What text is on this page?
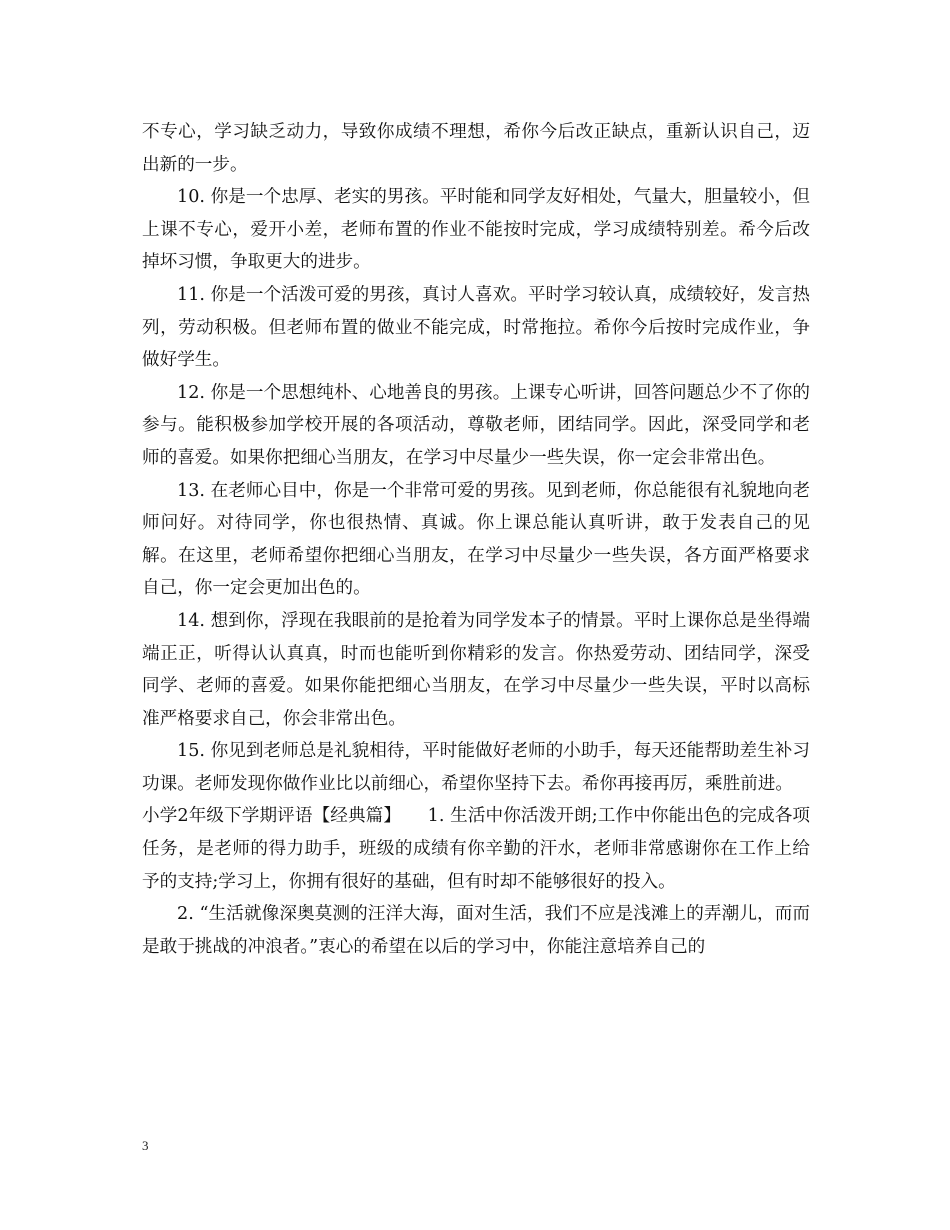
不专心，学习缺乏动力，导致你成绩不理想，希你今后改正缺点，重新认识自己，迈出新的一步。

10. 你是一个忠厚、老实的男孩。平时能和同学友好相处，气量大，胆量较小，但上课不专心，爱开小差，老师布置的作业不能按时完成，学习成绩特别差。希今后改掉坏习惯，争取更大的进步。

11. 你是一个活泼可爱的男孩，真讨人喜欢。平时学习较认真，成绩较好，发言热列，劳动积极。但老师布置的做业不能完成，时常拖拉。希你今后按时完成作业，争做好学生。

12. 你是一个思想纯朴、心地善良的男孩。上课专心听讲，回答问题总少不了你的参与。能积极参加学校开展的各项活动，尊敬老师，团结同学。因此，深受同学和老师的喜爱。如果你把细心当朋友，在学习中尽量少一些失误，你一定会非常出色。

13. 在老师心目中，你是一个非常可爱的男孩。见到老师，你总能很有礼貌地向老师问好。对待同学，你也很热情、真诚。你上课总能认真听讲，敢于发表自己的见解。在这里，老师希望你把细心当朋友，在学习中尽量少一些失误，各方面严格要求自己，你一定会更加出色的。

14. 想到你，浮现在我眼前的是抢着为同学发本子的情景。平时上课你总是坐得端端正正，听得认认真真，时而也能听到你精彩的发言。你热爱劳动、团结同学，深受同学、老师的喜爱。如果你能把细心当朋友，在学习中尽量少一些失误，平时以高标准严格要求自己，你会非常出色。

15. 你见到老师总是礼貌相待，平时能做好老师的小助手，每天还能帮助差生补习功课。老师发现你做作业比以前细心，希望你坚持下去。希你再接再厉，乘胜前进。

小学2年级下学期评语【经典篇】　　1. 生活中你活泼开朗;工作中你能出色的完成各项任务，是老师的得力助手，班级的成绩有你辛勤的汗水，老师非常感谢你在工作上给予的支持;学习上，你拥有很好的基础，但有时却不能够很好的投入。

2. “生活就像深奥莫测的汪洋大海，面对生活，我们不应是浅滩上的弄潮儿，而而是敢于挑战的冲浪者。”衷心的希望在以后的学习中，你能注意培养自己的

3
